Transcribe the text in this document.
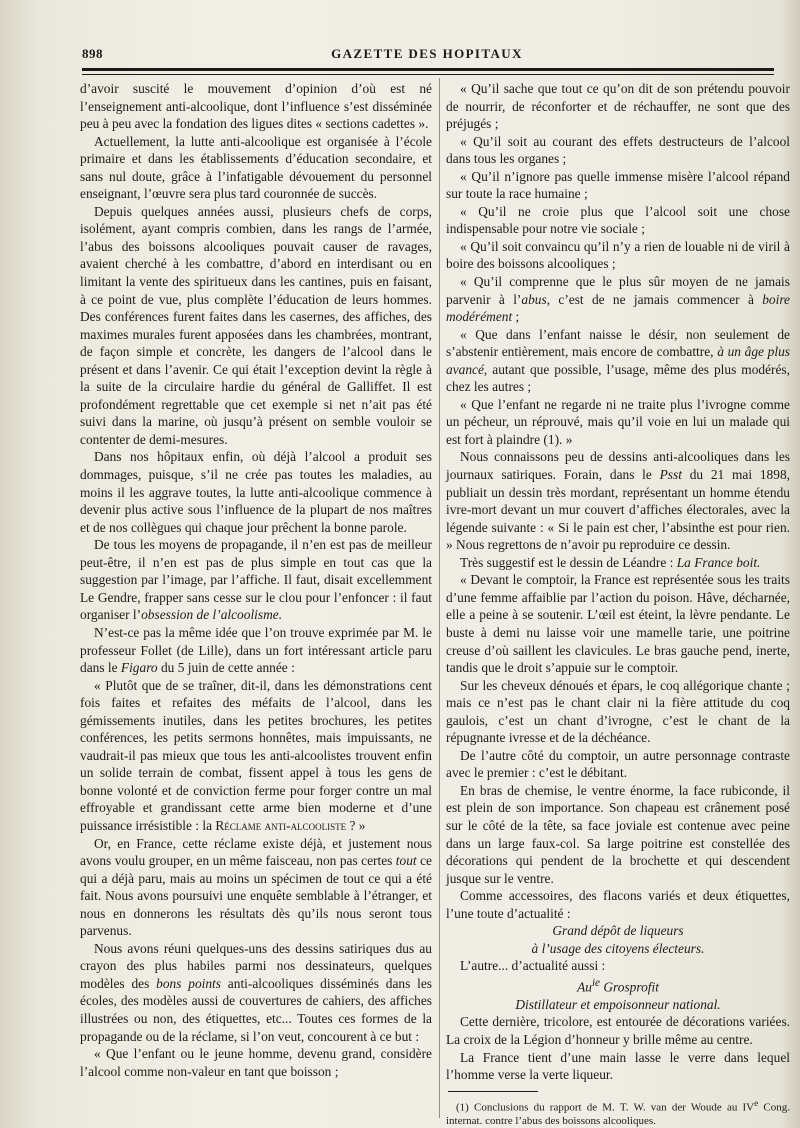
898	GAZETTE DES HOPITAUX

d’avoir suscité le mouvement d’opinion d’où est né l’enseignement anti-alcoolique, dont l’influence s’est disséminée peu à peu avec la fondation des ligues dites « sections cadettes ».

Actuellement, la lutte anti-alcoolique est organisée à l’école primaire et dans les établissements d’éducation secondaire, et sans nul doute, grâce à l’infatigable dévouement du personnel enseignant, l’œuvre sera plus tard couronnée de succès.

Depuis quelques années aussi, plusieurs chefs de corps, isolément, ayant compris combien, dans les rangs de l’armée, l’abus des boissons alcooliques pouvait causer de ravages, avaient cherché à les combattre, d’abord en interdisant ou en limitant la vente des spiritueux dans les cantines, puis en faisant, à ce point de vue, plus complète l’éducation de leurs hommes. Des conférences furent faites dans les casernes, des affiches, des maximes murales furent apposées dans les chambrées, montrant, de façon simple et concrète, les dangers de l’alcool dans le présent et dans l’avenir. Ce qui était l’exception devint la règle à la suite de la circulaire hardie du général de Galliffet. Il est profondément regrettable que cet exemple si net n’ait pas été suivi dans la marine, où jusqu’à présent on semble vouloir se contenter de demi-mesures.

Dans nos hôpitaux enfin, où déjà l’alcool a produit ses dommages, puisque, s’il ne crée pas toutes les maladies, au moins il les aggrave toutes, la lutte anti-alcoolique commence à devenir plus active sous l’influence de la plupart de nos maîtres et de nos collègues qui chaque jour prêchent la bonne parole.

De tous les moyens de propagande, il n’en est pas de meilleur peut-être, il n’en est pas de plus simple en tout cas que la suggestion par l’image, par l’affiche. Il faut, disait excellemment Le Gendre, frapper sans cesse sur le clou pour l’enfoncer : il faut organiser l’obsession de l’alcoolisme.

N’est-ce pas la même idée que l’on trouve exprimée par M. le professeur Follet (de Lille), dans un fort intéressant article paru dans le Figaro du 5 juin de cette année :

« Plutôt que de se traîner, dit-il, dans les démonstrations cent fois faites et refaites des méfaits de l’alcool, dans les gémissements inutiles, dans les petites brochures, les petites conférences, les petits sermons honnêtes, mais impuissants, ne vaudrait-il pas mieux que tous les anti-alcoolistes trouvent enfin un solide terrain de combat, fissent appel à tous les gens de bonne volonté et de conviction ferme pour forger contre un mal effroyable et grandissant cette arme bien moderne et d’une puissance irrésistible : la Réclame anti-alcooliste ? »

Or, en France, cette réclame existe déjà, et justement nous avons voulu grouper, en un même faisceau, non pas certes tout ce qui a déjà paru, mais au moins un spécimen de tout ce qui a été fait. Nous avons poursuivi une enquête semblable à l’étranger, et nous en donnerons les résultats dès qu’ils nous seront tous parvenus.

Nous avons réuni quelques-uns des dessins satiriques dus au crayon des plus habiles parmi nos dessinateurs, quelques modèles des bons points anti-alcooliques disséminés dans les écoles, des modèles aussi de couvertures de cahiers, des affiches illustrées ou non, des étiquettes, etc... Toutes ces formes de la propagande ou de la réclame, si l’on veut, concourent à ce but :

« Que l’enfant ou le jeune homme, devenu grand, considère l’alcool comme non-valeur en tant que boisson ;

« Qu’il sache que tout ce qu’on dit de son prétendu pouvoir de nourrir, de réconforter et de réchauffer, ne sont que des préjugés ;

« Qu’il soit au courant des effets destructeurs de l’alcool dans tous les organes ;

« Qu’il n’ignore pas quelle immense misère l’alcool répand sur toute la race humaine ;

« Qu’il ne croie plus que l’alcool soit une chose indispensable pour notre vie sociale ;

« Qu’il soit convaincu qu’il n’y a rien de louable ni de viril à boire des boissons alcooliques ;

« Qu’il comprenne que le plus sûr moyen de ne jamais parvenir à l’abus, c’est de ne jamais commencer à boire modérément ;

« Que dans l’enfant naisse le désir, non seulement de s’abstenir entièrement, mais encore de combattre, à un âge plus avancé, autant que possible, l’usage, même des plus modérés, chez les autres ;

« Que l’enfant ne regarde ni ne traite plus l’ivrogne comme un pécheur, un réprouvé, mais qu’il voie en lui un malade qui est fort à plaindre (1). »

Nous connaissons peu de dessins anti-alcooliques dans les journaux satiriques. Forain, dans le Psst du 21 mai 1898, publiait un dessin très mordant, représentant un homme étendu ivre-mort devant un mur couvert d’affiches électorales, avec la légende suivante : « Si le pain est cher, l’absinthe est pour rien. » Nous regrettons de n’avoir pu reproduire ce dessin.

Très suggestif est le dessin de Léandre : La France boit.

« Devant le comptoir, la France est représentée sous les traits d’une femme affaiblie par l’action du poison. Hâve, décharnée, elle a peine à se soutenir. L’œil est éteint, la lèvre pendante. Le buste à demi nu laisse voir une mamelle tarie, une poitrine creuse d’où saillent les clavicules. Le bras gauche pend, inerte, tandis que le droit s’appuie sur le comptoir.

Sur les cheveux dénoués et épars, le coq allégorique chante ; mais ce n’est pas le chant clair ni la fière attitude du coq gaulois, c’est un chant d’ivrogne, c’est le chant de la répugnante ivresse et de la déchéance.

De l’autre côté du comptoir, un autre personnage contraste avec le premier : c’est le débitant.

En bras de chemise, le ventre énorme, la face rubiconde, il est plein de son importance. Son chapeau est crânement posé sur le côté de la tête, sa face joviale est contenue avec peine dans un large faux-col. Sa large poitrine est constellée des décorations qui pendent de la brochette et qui descendent jusque sur le ventre.

Comme accessoires, des flacons variés et deux étiquettes, l’une toute d’actualité :

Grand dépôt de liqueurs

à l’usage des citoyens électeurs.

L’autre... d’actualité aussi :

$Au^{ie}$ Grosprofit

Distillateur et empoisonneur national.

Cette dernière, tricolore, est entourée de décorations variées. La croix de la Légion d’honneur y brille même au centre.

La France tient d’une main lasse le verre dans lequel l’homme verse la verte liqueur.

(1) Conclusions du rapport de M. T. W. van der Woude au IVe Cong. internat. contre l’abus des boissons alcooliques.
